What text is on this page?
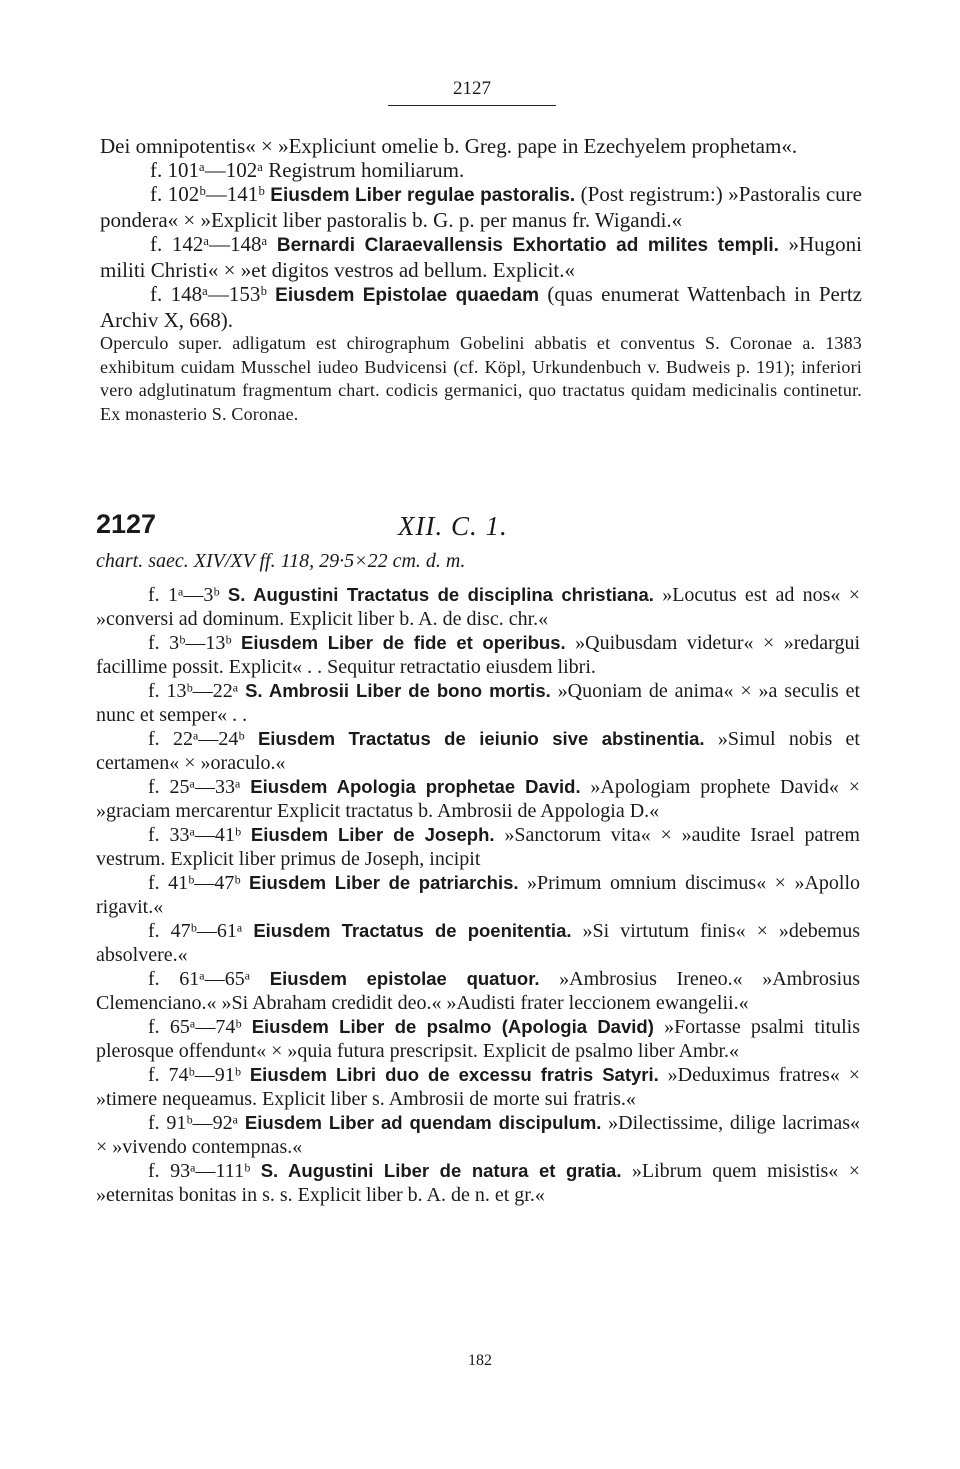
2127

Dei omnipotentis« × »Expliciunt omelie b. Greg. pape in Ezechyelem prophetam«.

f. 101ᵃ—102ᵃ Registrum homiliarum.

f. 102ᵇ—141ᵇ Eiusdem Liber regulae pastoralis. (Post registrum:) »Pastoralis cure pondera« × »Explicit liber pastoralis b. G. p. per manus fr. Wigandi.«

f. 142ᵃ—148ᵃ Bernardi Claraevallensis Exhortatio ad milites templi. »Hugoni militi Christi« × »et digitos vestros ad bellum. Explicit.«

f. 148ᵃ—153ᵇ Eiusdem Epistolae quaedam (quas enumerat Wattenbach in Pertz Archiv X, 668).

Operculo super. adligatum est chirographum Gobelini abbatis et conventus S. Coronae a. 1383 exhibitum cuidam Musschel iudeo Budvicensi (cf. Köpl, Urkundenbuch v. Budweis p. 191); inferiori vero adglutinatum fragmentum chart. codicis germanici, quo tractatus quidam medicinalis continetur. Ex monasterio S. Coronae.

2127	XII. C. 1.
chart. saec. XIV/XV ff. 118, 29·5×22 cm. d. m.

f. 1ᵃ—3ᵇ S. Augustini Tractatus de disciplina christiana. »Locutus est ad nos« × »conversi ad dominum. Explicit liber b. A. de disc. chr.«

f. 3ᵇ—13ᵇ Eiusdem Liber de fide et operibus. »Quibusdam videtur« × »redargui facillime possit. Explicit« . . Sequitur retractatio eiusdem libri.

f. 13ᵇ—22ᵃ S. Ambrosii Liber de bono mortis. »Quoniam de anima« × »a seculis et nunc et semper« . .

f. 22ᵃ—24ᵇ Eiusdem Tractatus de ieiunio sive abstinentia. »Simul nobis et certamen« × »oraculo.«

f. 25ᵃ—33ᵃ Eiusdem Apologia prophetae David. »Apologiam prophete David« × »graciam mercarentur Explicit tractatus b. Ambrosii de Appologia D.«

f. 33ᵃ—41ᵇ Eiusdem Liber de Joseph. »Sanctorum vita« × »audite Israel patrem vestrum. Explicit liber primus de Joseph, incipit

f. 41ᵇ—47ᵇ Eiusdem Liber de patriarchis. »Primum omnium discimus« × »Apollo rigavit.«

f. 47ᵇ—61ᵃ Eiusdem Tractatus de poenitentia. »Si virtutum finis« × »debemus absolvere.«

f. 61ᵃ—65ᵃ Eiusdem epistolae quatuor. »Ambrosius Ireneo.« »Ambrosius Clemenciano.« »Si Abraham credidit deo.« »Audisti frater leccionem ewangelii.«

f. 65ᵃ—74ᵇ Eiusdem Liber de psalmo (Apologia David) »Fortasse psalmi titulis plerosque offendunt« × »quia futura prescripsit. Explicit de psalmo liber Ambr.«

f. 74ᵇ—91ᵇ Eiusdem Libri duo de excessu fratris Satyri. »Deduximus fratres« × »timere nequeamus. Explicit liber s. Ambrosii de morte sui fratris.«

f. 91ᵇ—92ᵃ Eiusdem Liber ad quendam discipulum. »Dilectissime, dilige lacrimas« × »vivendo contempnas.«

f. 93ᵃ—111ᵇ S. Augustini Liber de natura et gratia. »Librum quem misistis« × »eternitas bonitas in s. s. Explicit liber b. A. de n. et gr.«

182
